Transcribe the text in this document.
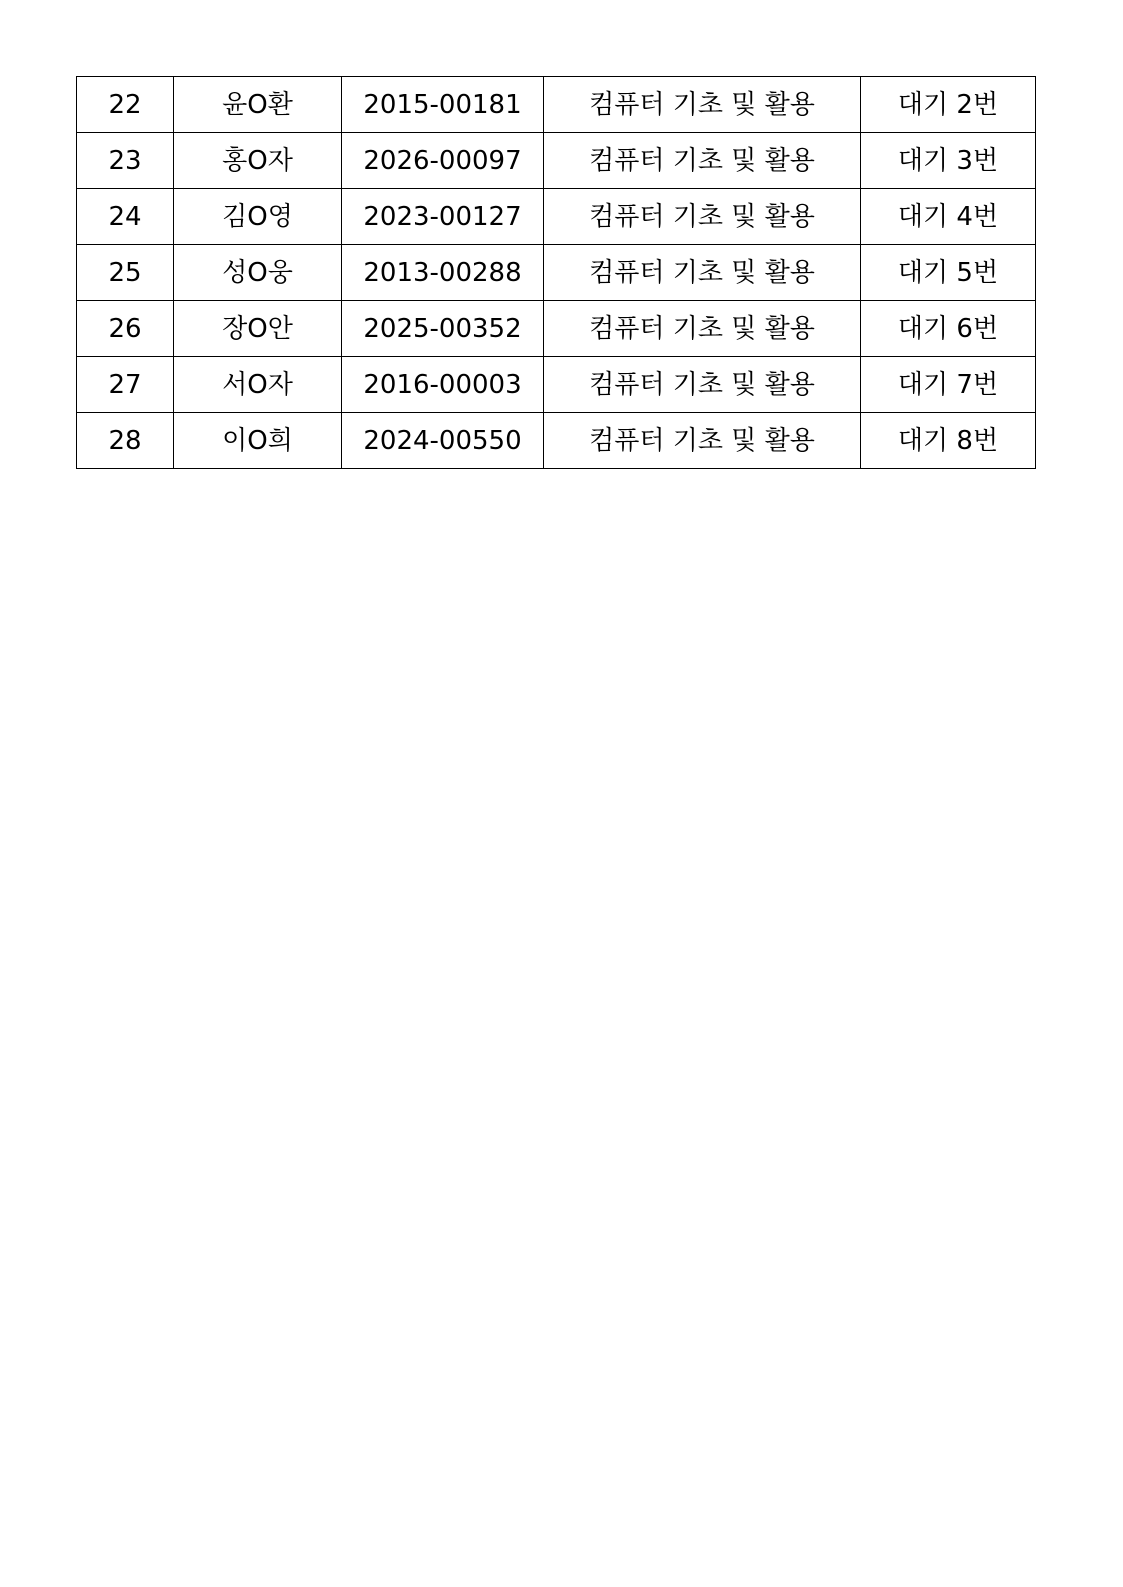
22	윤O환	2015-00181	컴퓨터 기초 및 활용	대기 2번
23	홍O자	2026-00097	컴퓨터 기초 및 활용	대기 3번
24	김O영	2023-00127	컴퓨터 기초 및 활용	대기 4번
25	성O웅	2013-00288	컴퓨터 기초 및 활용	대기 5번
26	장O안	2025-00352	컴퓨터 기초 및 활용	대기 6번
27	서O자	2016-00003	컴퓨터 기초 및 활용	대기 7번
28	이O희	2024-00550	컴퓨터 기초 및 활용	대기 8번
